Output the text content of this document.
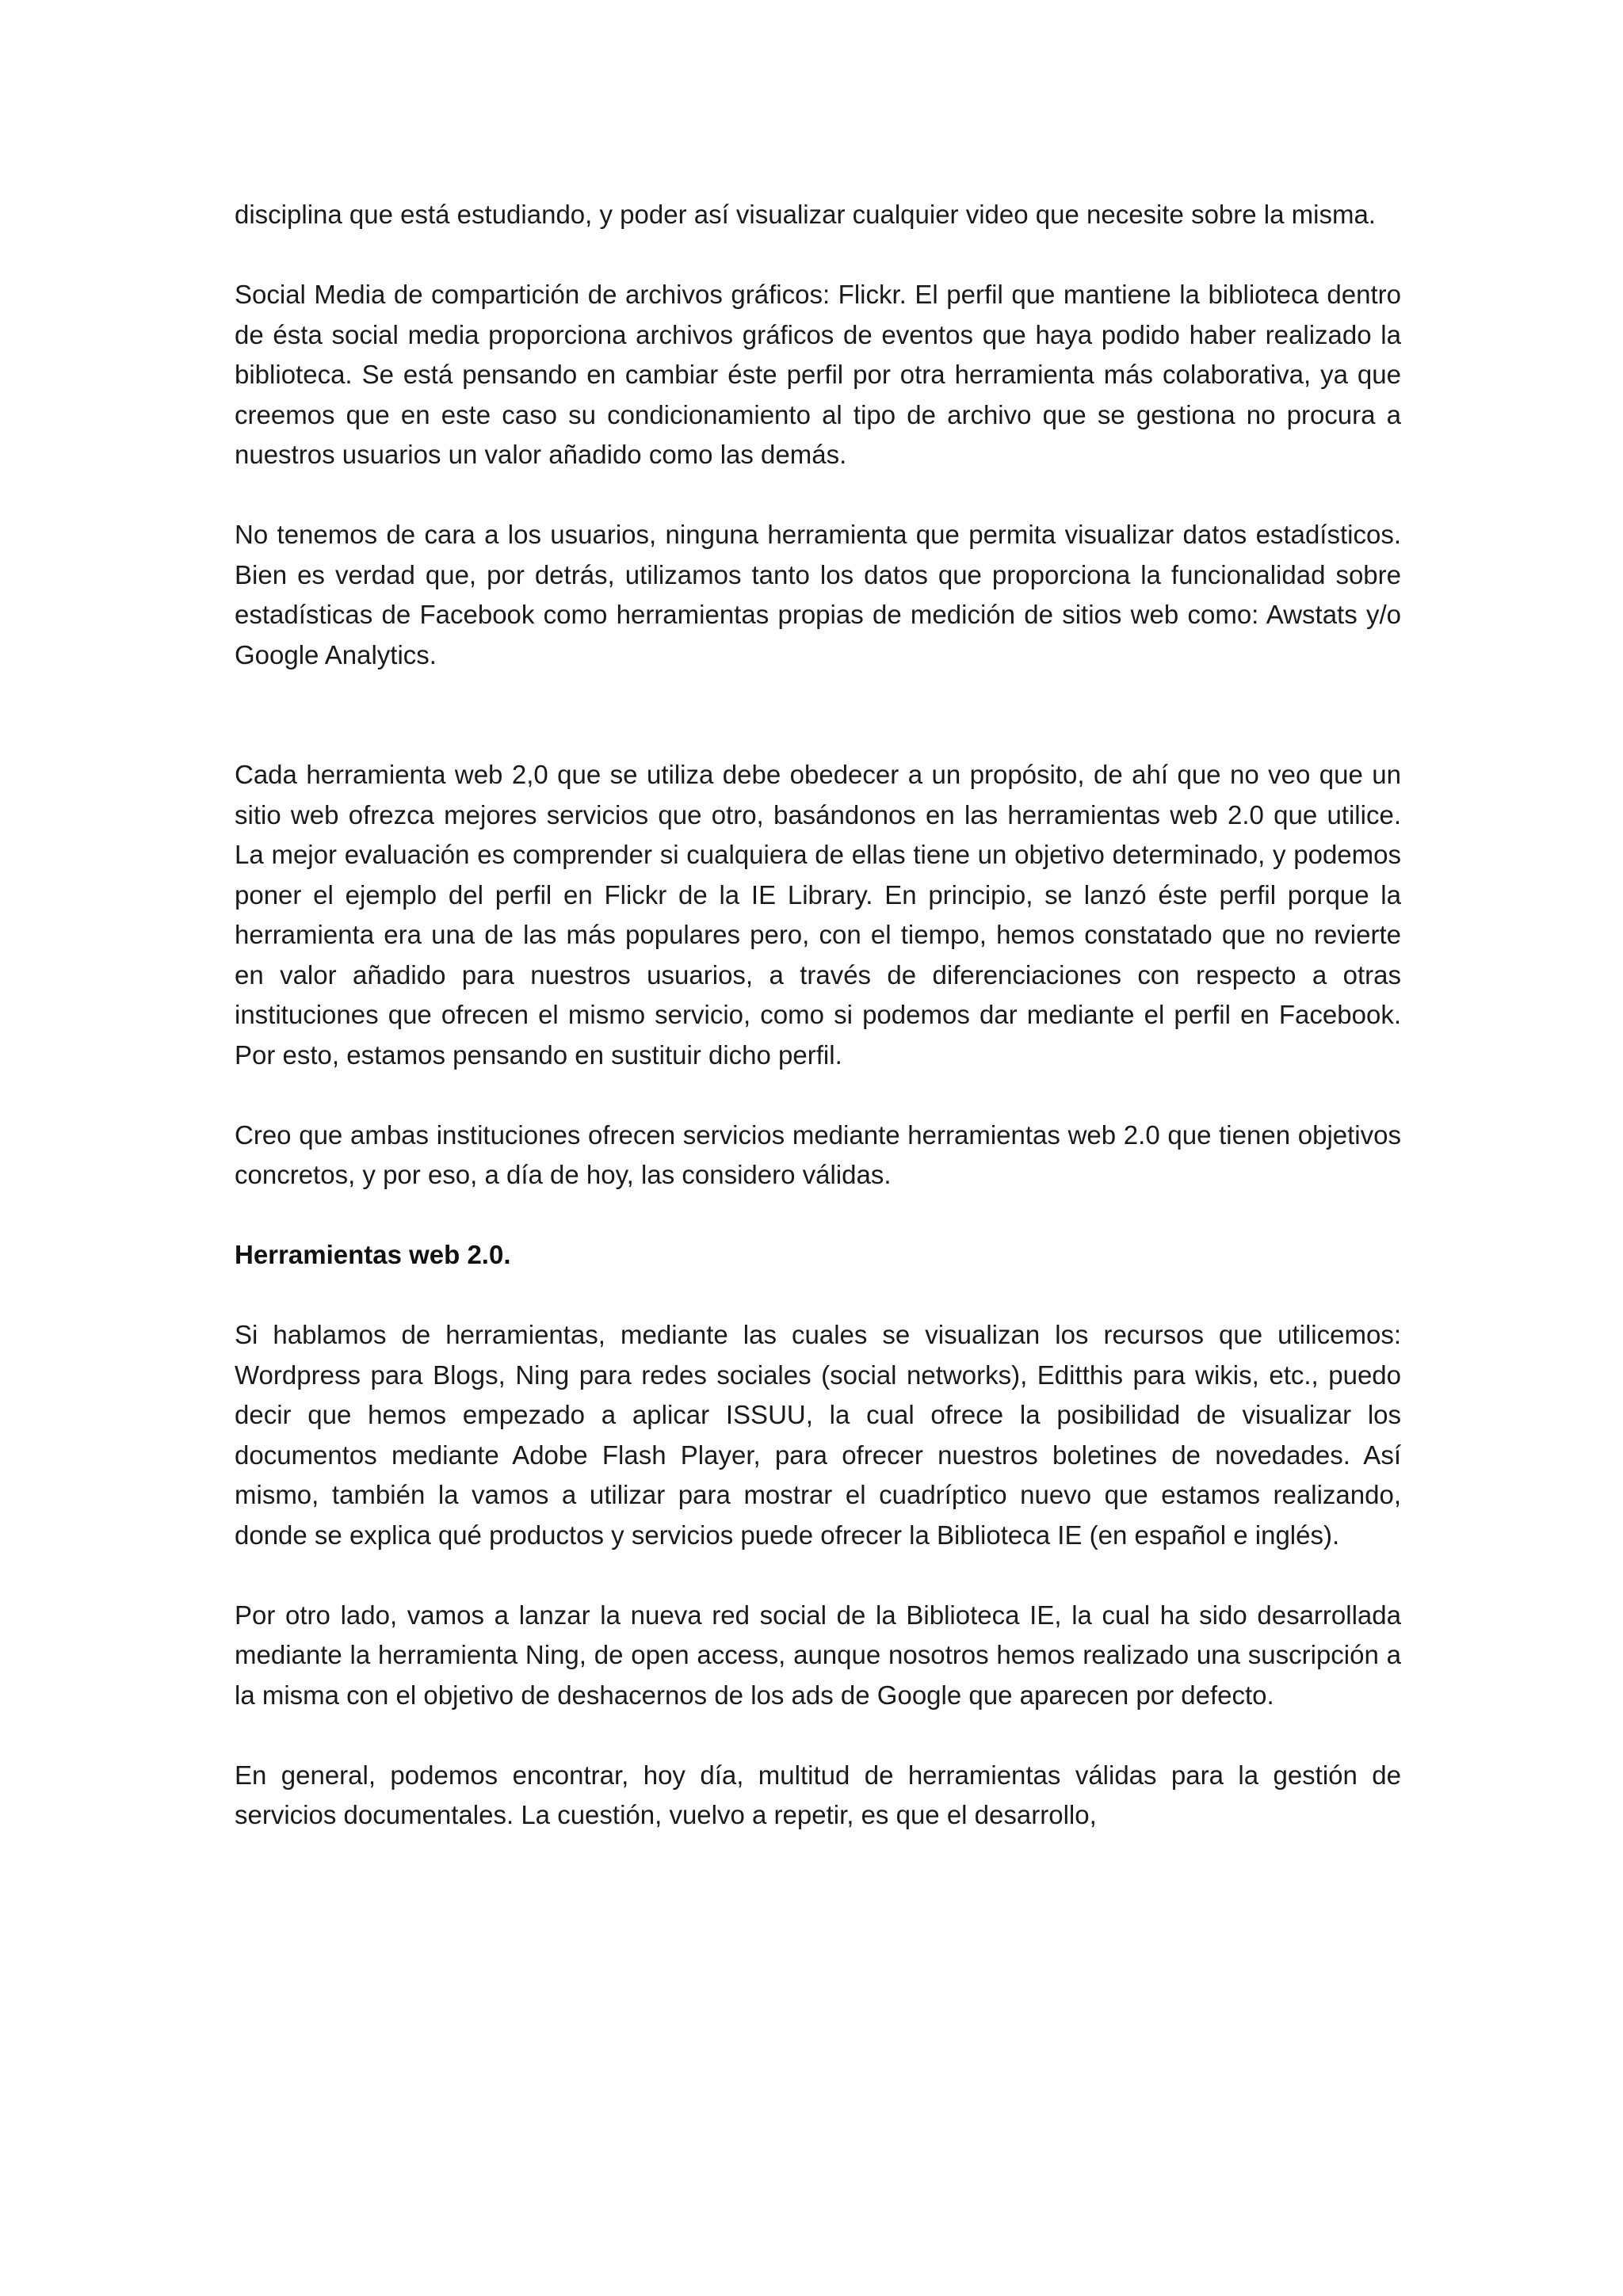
disciplina que está estudiando, y poder así visualizar cualquier video que necesite sobre la misma.

Social Media de compartición de archivos gráficos: Flickr. El perfil que mantiene la biblioteca dentro de ésta social media proporciona archivos gráficos de eventos que haya podido haber realizado la biblioteca. Se está pensando en cambiar éste perfil por otra herramienta más colaborativa, ya que creemos que en este caso su condicionamiento al tipo de archivo que se gestiona no procura a nuestros usuarios un valor añadido como las demás.

No tenemos de cara a los usuarios, ninguna herramienta que permita visualizar datos estadísticos. Bien es verdad que, por detrás, utilizamos tanto los datos que proporciona la funcionalidad sobre estadísticas de Facebook como herramientas propias de medición de sitios web como: Awstats y/o Google Analytics.

Cada herramienta web 2,0 que se utiliza debe obedecer a un propósito, de ahí que no veo que un sitio web ofrezca mejores servicios que otro, basándonos en las herramientas web 2.0 que utilice. La mejor evaluación es comprender si cualquiera de ellas tiene un objetivo determinado, y podemos poner el ejemplo del perfil en Flickr de la IE Library. En principio, se lanzó éste perfil porque la herramienta era una de las más populares pero, con el tiempo, hemos constatado que no revierte en valor añadido para nuestros usuarios, a través de diferenciaciones con respecto a otras instituciones que ofrecen el mismo servicio, como si podemos dar mediante el perfil en Facebook. Por esto, estamos pensando en sustituir dicho perfil.

Creo que ambas instituciones ofrecen servicios mediante herramientas web 2.0 que tienen objetivos concretos, y por eso, a día de hoy, las considero válidas.

Herramientas web 2.0.

Si hablamos de herramientas, mediante las cuales se visualizan los recursos que utilicemos: Wordpress para Blogs, Ning para redes sociales (social networks), Editthis para wikis, etc., puedo decir que hemos empezado a aplicar ISSUU, la cual ofrece la posibilidad de visualizar los documentos mediante Adobe Flash Player, para ofrecer nuestros boletines de novedades. Así mismo, también la vamos a utilizar para mostrar el cuadríptico nuevo que estamos realizando, donde se explica qué productos y servicios puede ofrecer la Biblioteca IE (en español e inglés).

Por otro lado, vamos a lanzar la nueva red social de la Biblioteca IE, la cual ha sido desarrollada mediante la herramienta Ning, de open access, aunque nosotros hemos realizado una suscripción a la misma con el objetivo de deshacernos de los ads de Google que aparecen por defecto.

En general, podemos encontrar, hoy día, multitud de herramientas válidas para la gestión de servicios documentales. La cuestión, vuelvo a repetir, es que el desarrollo,
